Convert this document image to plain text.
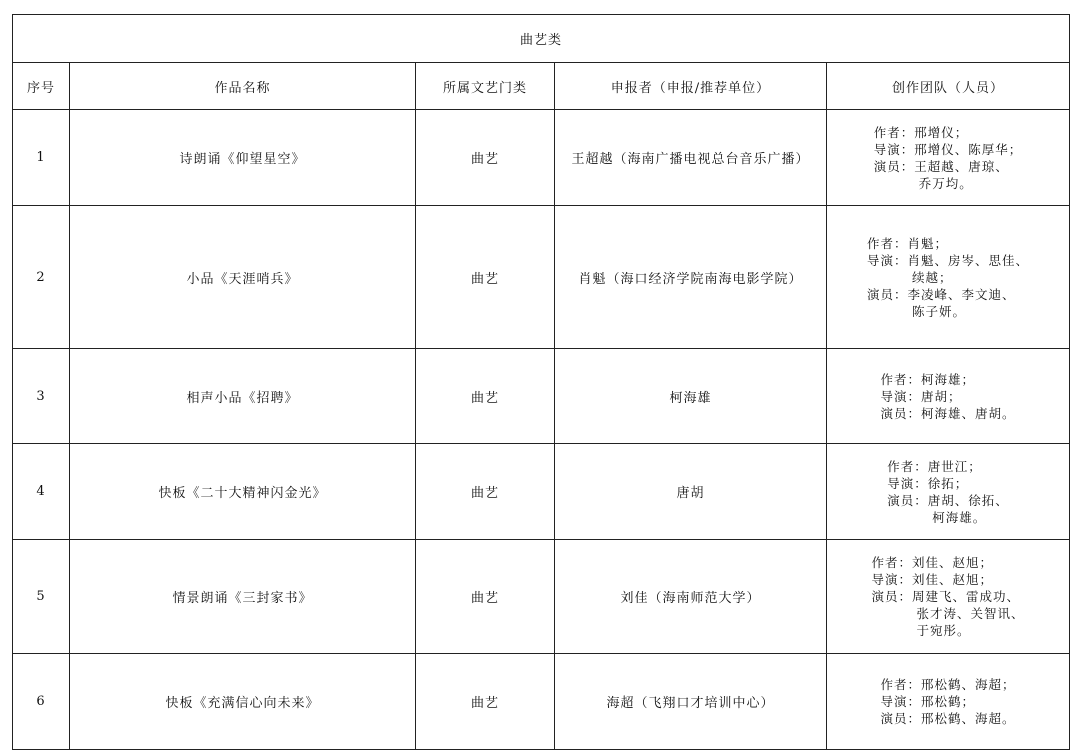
曲艺类				
序号	作品名称	所属文艺门类	申报者（申报/推荐单位）	创作团队（人员）
1	诗朗诵《仰望星空》	曲艺	王超越（海南广播电视总台音乐广播）	作者：邢增仪；
导演：邢增仪、陈厚华；
演员：王超越、唐琼、
乔万均。

2	小品《天涯哨兵》	曲艺	肖魁（海口经济学院南海电影学院）	作者：肖魁；
导演：肖魁、房岑、思佳、
续越；
演员：李凌峰、李文迪、
陈子妍。

3	相声小品《招聘》	曲艺	柯海雄	作者：柯海雄；
导演：唐胡；
演员：柯海雄、唐胡。

4	快板《二十大精神闪金光》	曲艺	唐胡	作者：唐世江；
导演：徐拓；
演员：唐胡、徐拓、
柯海雄。

5	情景朗诵《三封家书》	曲艺	刘佳（海南师范大学）	作者：刘佳、赵旭；
导演：刘佳、赵旭；
演员：周建飞、雷成功、
张才涛、关智讯、
于宛彤。

6	快板《充满信心向未来》	曲艺	海超（飞翔口才培训中心）	作者：邢松鹤、海超；
导演：邢松鹤；
演员：邢松鹤、海超。
